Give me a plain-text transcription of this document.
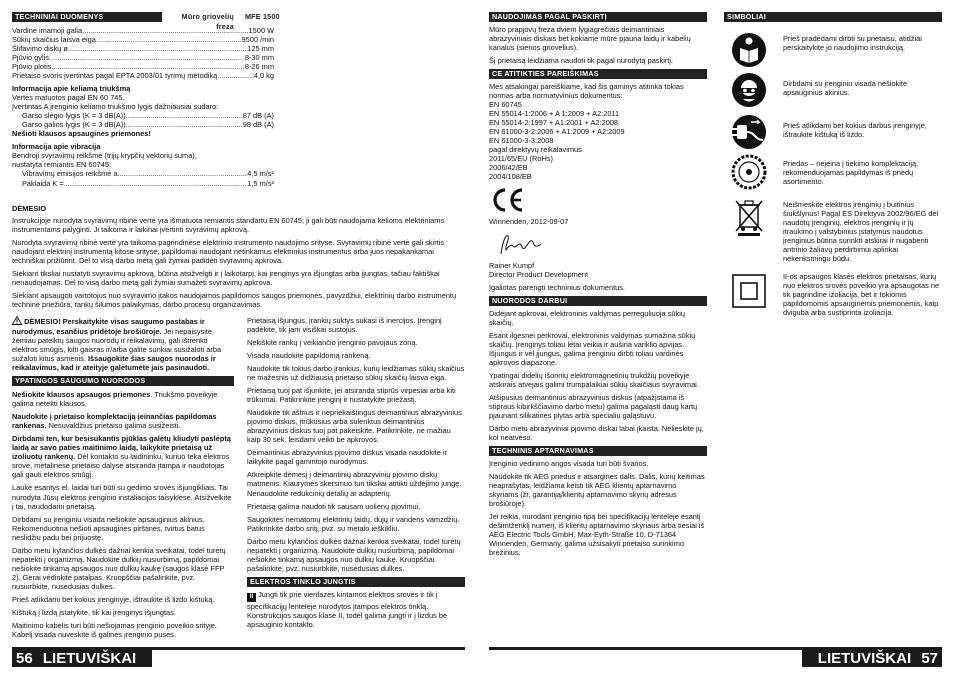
TECHNINIAI DUOMENYS	Mūro griovelių freza
MFE 1500
Vardinė imamoji galia .....	1500 W
Sūkių skaičius laisva eiga .....	9500 /min
Šlifavimo diskų ø .....	125 mm
Pjūvio gylis .....	8-30 mm
Pjūvio plotis .....	8-26 mm
Prietaiso svoris įvertintas pagal EPTA 2003/01 tyrimų metodiką. .....	4,0 kg
Informacija apie keliamą triukšmą
Vertės matuotos pagal EN 60 745.
Įvertintas A įrenginio keliamo triukšmo lygis dažniausiai sudaro:
Garso slėgio lygis (K = 3 dB(A)) .....	87 dB (A)
Garso galios lygis (K = 3 dB(A)) .....	98 dB (A)
Nešioti klausos apsaugines priemones!
Informacija apie vibracija
Bendroji svyravimų reikšmė (trijų krypčių vektorių suma), nustatyta remiantis EN 60745:
Vibravimų emisijos reikšmė a .....	4,5 m/s²
Paklaida K = .....	1,5 m/s²
DĖMESIO
Instrukcijoje nurodyta svyravimų ribinė vertė yra išmatuota remiantis standartu EN 60745; ji gali būti naudojama kelioms elektriniams instrumentams palyginti. Ji taikoma ir laikinai įvertinti svyravimų apkrovą.
Nurodyta svyravimų ribinė vertė yra taikoma pagrindinėse elektrinio instrumento naudojimo srityse. Svyravimų ribinė vertė gali skirtis naudojant elektrinį instrumentą kitose srityse, papildomai naudojant netinkamus elektrinius instrumentus arba juos nepakankamai techniškai prižiūrint. Dėl to visą darbo metą gali žymiai padidėti svyravimų apkrova.
Siekiant tiksliai nustatyti svyravimų apkrovą, būtina atsižvelgti ir į laikotarpį, kai įrenginys yra išjungtas arba įjungtas, tačiau faktiškai nenaudojamas. Dėl to visą darbo metą gali žymiai sumažėti svyravimų apkrova.
Siekiant apsaugoti vartotojus nuo svyravimo įtakos naudojamos papildomos saugos priemonės, pavyzdžiui, elektrinių darbo instrumentų techninė priežiūra, rankų šilumos palaikymas, darbo procesų organizavimas.
DĖMESIO! Perskaitykite visas saugumo pastabas ir nurodymus, esančius pridėtoje brošiūroje. Jei nepaisysite žemiau pateiktų saugos nuorodų ir reikalavimų, gali ištrenkti elektros smūgis, kilti gaisras ir/arba galite sunkiai susižaloti arba sužaloti kitus asmenis. Išsaugokite šias saugos nuorodas ir reikalavimus, kad ir ateityje galėtumėte jais pasinaudoti.
YPATINGOS SAUGUMO NUORODOS
Nešiokite klausos apsaugos priemones. Triukšmo poveikyje galima netekti klausos.
Naudokite į prietaiso komplektaciją įeinančias papildomas rankenas. Nesuvaldžius prietaiso galima susižeisti.
Dirbdami ten, kur besisukantis pjūklas galėtų kliudyti paslėptą laidą ar savo paties maitinimo laidą, laikykite prietaisą už izoliuotų rankenų. Dėl kontakto su laidininku, kuriuo teka elektros srovė, metalinėse prietaiso dalyse atsiranda įtampa ir naudotojas gali gauti elektros smūgį.
Lauke esantys el. laidai turi būti su gedimo srovės išjungikliais. Tai nurodyta Jūsų elektros įrenginio instaliacijos taisyklėse. Atsižvelkite į tai, naudodami prietaisą.
Dirbdami su įrenginiu visada nešiokite apsauginius akinius. Rekomenduotina nešioti apsaugines pirštines, tvirtus batus neslidžiu padu bei prijuostę.
Darbo metu kylančios dulkės dažnai kenkia sveikatai, todėl turėtų nepatekti į organizmą. Naudokite dulkių nusiurbimą, papildomai nešiokite tinkamą apsaugos nuo dulkių kaukę (saugos klasė FFP 2). Gerai vėdinkite patalpas. Kruopščiai pašalinkite, pvz. nusiurbkite, nusėdusias dulkes.
Prieš atlikdami bet kokius įrenginyje, ištraukite iš lizdo kištuką.
Kištuką į lizdą įstatykite, tik kai įrenginys išjungtas.
Maitinimo kabelis turi būti nešiojamas įrenginio poveikio srityje. Kabelį visada nuveskite iš galinės įrenginio pusės.
Prietaisą išjungus, įrankių suktys sukasi iš inercijos. Įrenginį padėkite, tik jam visiškai sustojus.
Nekiškite rankų į veikiančio įrenginio pavojaus zoną.
Visada naudokite papildomą rankeną.
Naudokite tik tokius darbo įrankius, kurių leidžiamas sūkių skaičius ne mažesnis už didžiausią prietaiso sūkių skaičių laisva eiga.
Prietaisą tuoj pat išjunkite, jei atsiranda stiprūs virpesiai arba kiti trūkumai. Patikrinkite įrenginį ir nustatykite priežastį.
Naudokite tik aštrius ir nepriekaištingus deimantinius abrazyvinius pjovimo diskus, įtrūkusius arba sulenktus deimantinius abrazyvinius diskus tuoj pat pakeiskite. Patikrinkite, ne mažiau kaip 30 sek. leisdami veikti be apkrovos.
Deimantinius abrazyvinius pjovimo diskus visada naudokite ir laikykite pagal gamintojo nurodymus.
Atkreipkite dėmesį į deimantinių abrazyvinių pjovimo diskų matmenis. Kiaurymės skersmuo turi tiksliai atitikti uždėjimo jungę. Nenaudokite redukcinių detalių ar adapterių.
Prietaisą galima naudoti tik sausam uolienų pjovimui.
Saugokitės nematomų elektrinių laidų, dujų ir vandens vamzdžių. Patikrinkite darbo sritį, pvz. su metalo ieškikliu.
Darbo metu kylančios dulkės dažnai kenkia sveikatai, todėl turėtų nepatekti į organizmą. Naudokite dulkių nusiurbimą, papildomai nešiokite tinkamą apsaugos nuo dulkių kaukę. Kruopščiai pašalinkite, pvz. nusiurbkite, nusėdusias dulkes.
ELEKTROS TINKLO JUNGTIS
II Jungti tik prie vienfazės kintamos elektros srovės ir tik į specifikacijų lentelėje nurodytos įtampos elektros tinklą. Konstrukcijos saugos klasė II, todėl galima jungti ir į lizdus be apsauginio kontakto.
56 LIETUVIŠKAI
NAUDOJIMAS PAGAL PASKIRTĮ
Mūro prapjovų freza dviem lygiagrečiais deimantiniais abrazyviniais diskais bet kokiame mūre pjauna laidų ir kabelių kanalus (sienos griovelius).
Šį prietaisą leidžiama naudoti tik pagal nurodytą paskirtį.
CE ATITIKTIES PAREIŠKIMAS
Mes atsakingai pareiškiame, kad šis gaminys atitinka tokias normas arba normatyvinius dokumentus:
EN 60745
EN 55014-1:2006 + A 1:2009 + A2:2011
EN 55014-2:1997 + A1:2001 + A2:2008
EN 61000-3-2:2006 + A1:2009 + A2:2009
EN 61000-3-3:2008
pagal direktyvų reikalavimus
2011/65/EU (RoHs)
2006/42/EB
2004/108/EB
Winnenden, 2012-09-07
Rainer Kumpf
Director Product Development
Įgaliotas parengti techninius dokumentus.
NUORODOS DARBUI
Didėjant apkrovai, elektroninis valdymas perreguliuoja sūkių skaičių.
Esant ilgesnei perkrovai, elektroninis valdymas sumažina sūkių skaičių. Įrenginys toliau lėtai veikia ir aušina variklio apvijas. Išjungus ir vėl įjungus, galima įrenginiu dirbti toliau vardinės apkrovos diapazone.
Ypatingai didelių išorinių elektromagnetinių trukdžių poveikyje atskirais atvejais galimi trumpalaikiai sūkių skaičiaus svyravimai.
Atšipusius deimantinius abrazyvinius diskus (atpažįstama iš stipraus kibirkščiavimo darbo metu) galima pagaląsti daug kartų pjaunant silikatines plytas arba specialiu galąstuvu.
Darbo metu abrazyviniai pjovimo diskai labai įkaista. Nelieskite jų, kol neatvėso.
TECHNINIS APTARNAVIMAS
Įrenginio vėdinimo angos visada turi būti švarios.
Naudokite tik AEG priedus ir atsargines dalis. Dalis, kurių keitimas neaprašytas, leidžiama keisti tik AEG klientų aptarnavimo skyriams (žr. garantiją/klientų aptarnavimo skyrių adresus brošiūroje).
Jei reikia, nurodant įrenginio tipą bei specifikacijų lentelėje esantį dešimtženklį numerį, iš klientų aptarnavimo skyriaus arba tiesiai iš AEG Electric Tools GmbH, Max-Eyth-Straße 10, D-71364 Winnenden, Germany, galima užsisakyti prietaiso surinkimo brėžinius.
SIMBOLIAI
Prieš pradėdami dirbti su prietaisu, atidžiai perskaitykite jo naudojimo instrukciją.
Dirbdami su įrenginiu visada nešiokite apsauginius akinius.
Prieš atlikdami bet kokius darbus įrenginyje, ištraukite kištuką iš lizdo.
Priedas – neįeina į tiekimo komplektaciją, rekomenduojamas papildymas iš priedų asortimento.
Neišmeskite elektros įrenginių į buitinius šiukšlynus! Pagal ES Direktyva 2002/96/EG dėl naudotų įrenginių, elektros įrenginių ir jų itraukimo į valstybinius įstatymus naudotus įrenginius būtina surinkti atskirai ir nugabenti antrinio žaliavų perdirbimui aplinkai nekenksmingu būdu.
II-os apsaugos klasės elektros prietaisas, kurių nuo elektros srovės poveikio yra apsaugotas ne tik pagrindine izoliacija, bet ir tokiomis papildomomis apsauginėmis priemonėmis, kaip dviguba arba sustiprinta izoliacija.
LIETUVIŠKAI 57
